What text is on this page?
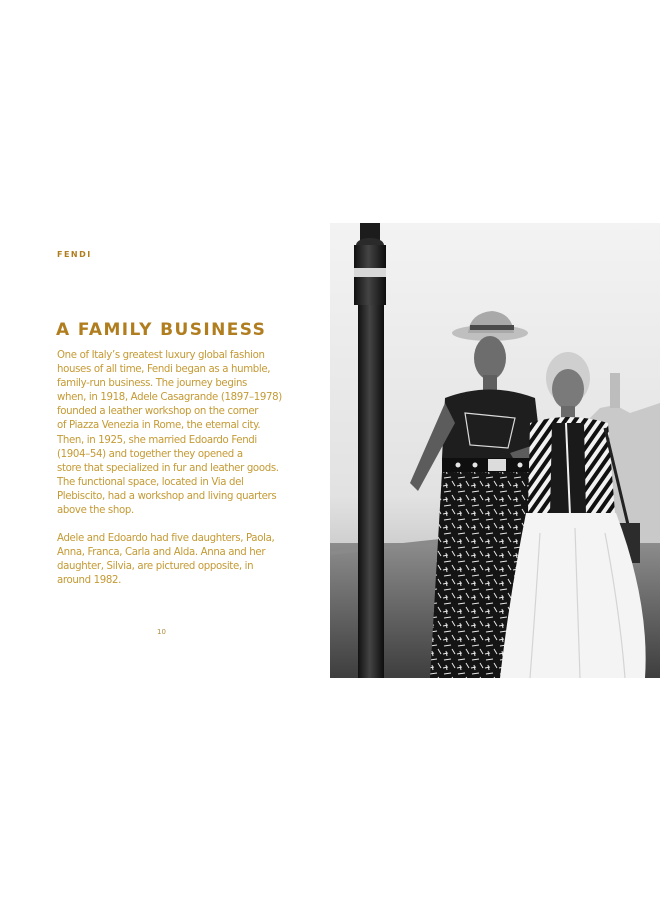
FENDI
A FAMILY BUSINESS

One of Italy’s greatest luxury global fashion
houses of all time, Fendi began as a humble,
family-run business. The journey begins
when, in 1918, Adele Casagrande (1897–1978)
founded a leather workshop on the corner
of Piazza Venezia in Rome, the eternal city.
Then, in 1925, she married Edoardo Fendi
(1904–54) and together they opened a
store that specialized in fur and leather goods.
The functional space, located in Via del
Plebiscito, had a workshop and living quarters
above the shop.

Adele and Edoardo had five daughters, Paola,
Anna, Franca, Carla and Alda. Anna and her
daughter, Silvia, are pictured opposite, in
around 1982.

10
